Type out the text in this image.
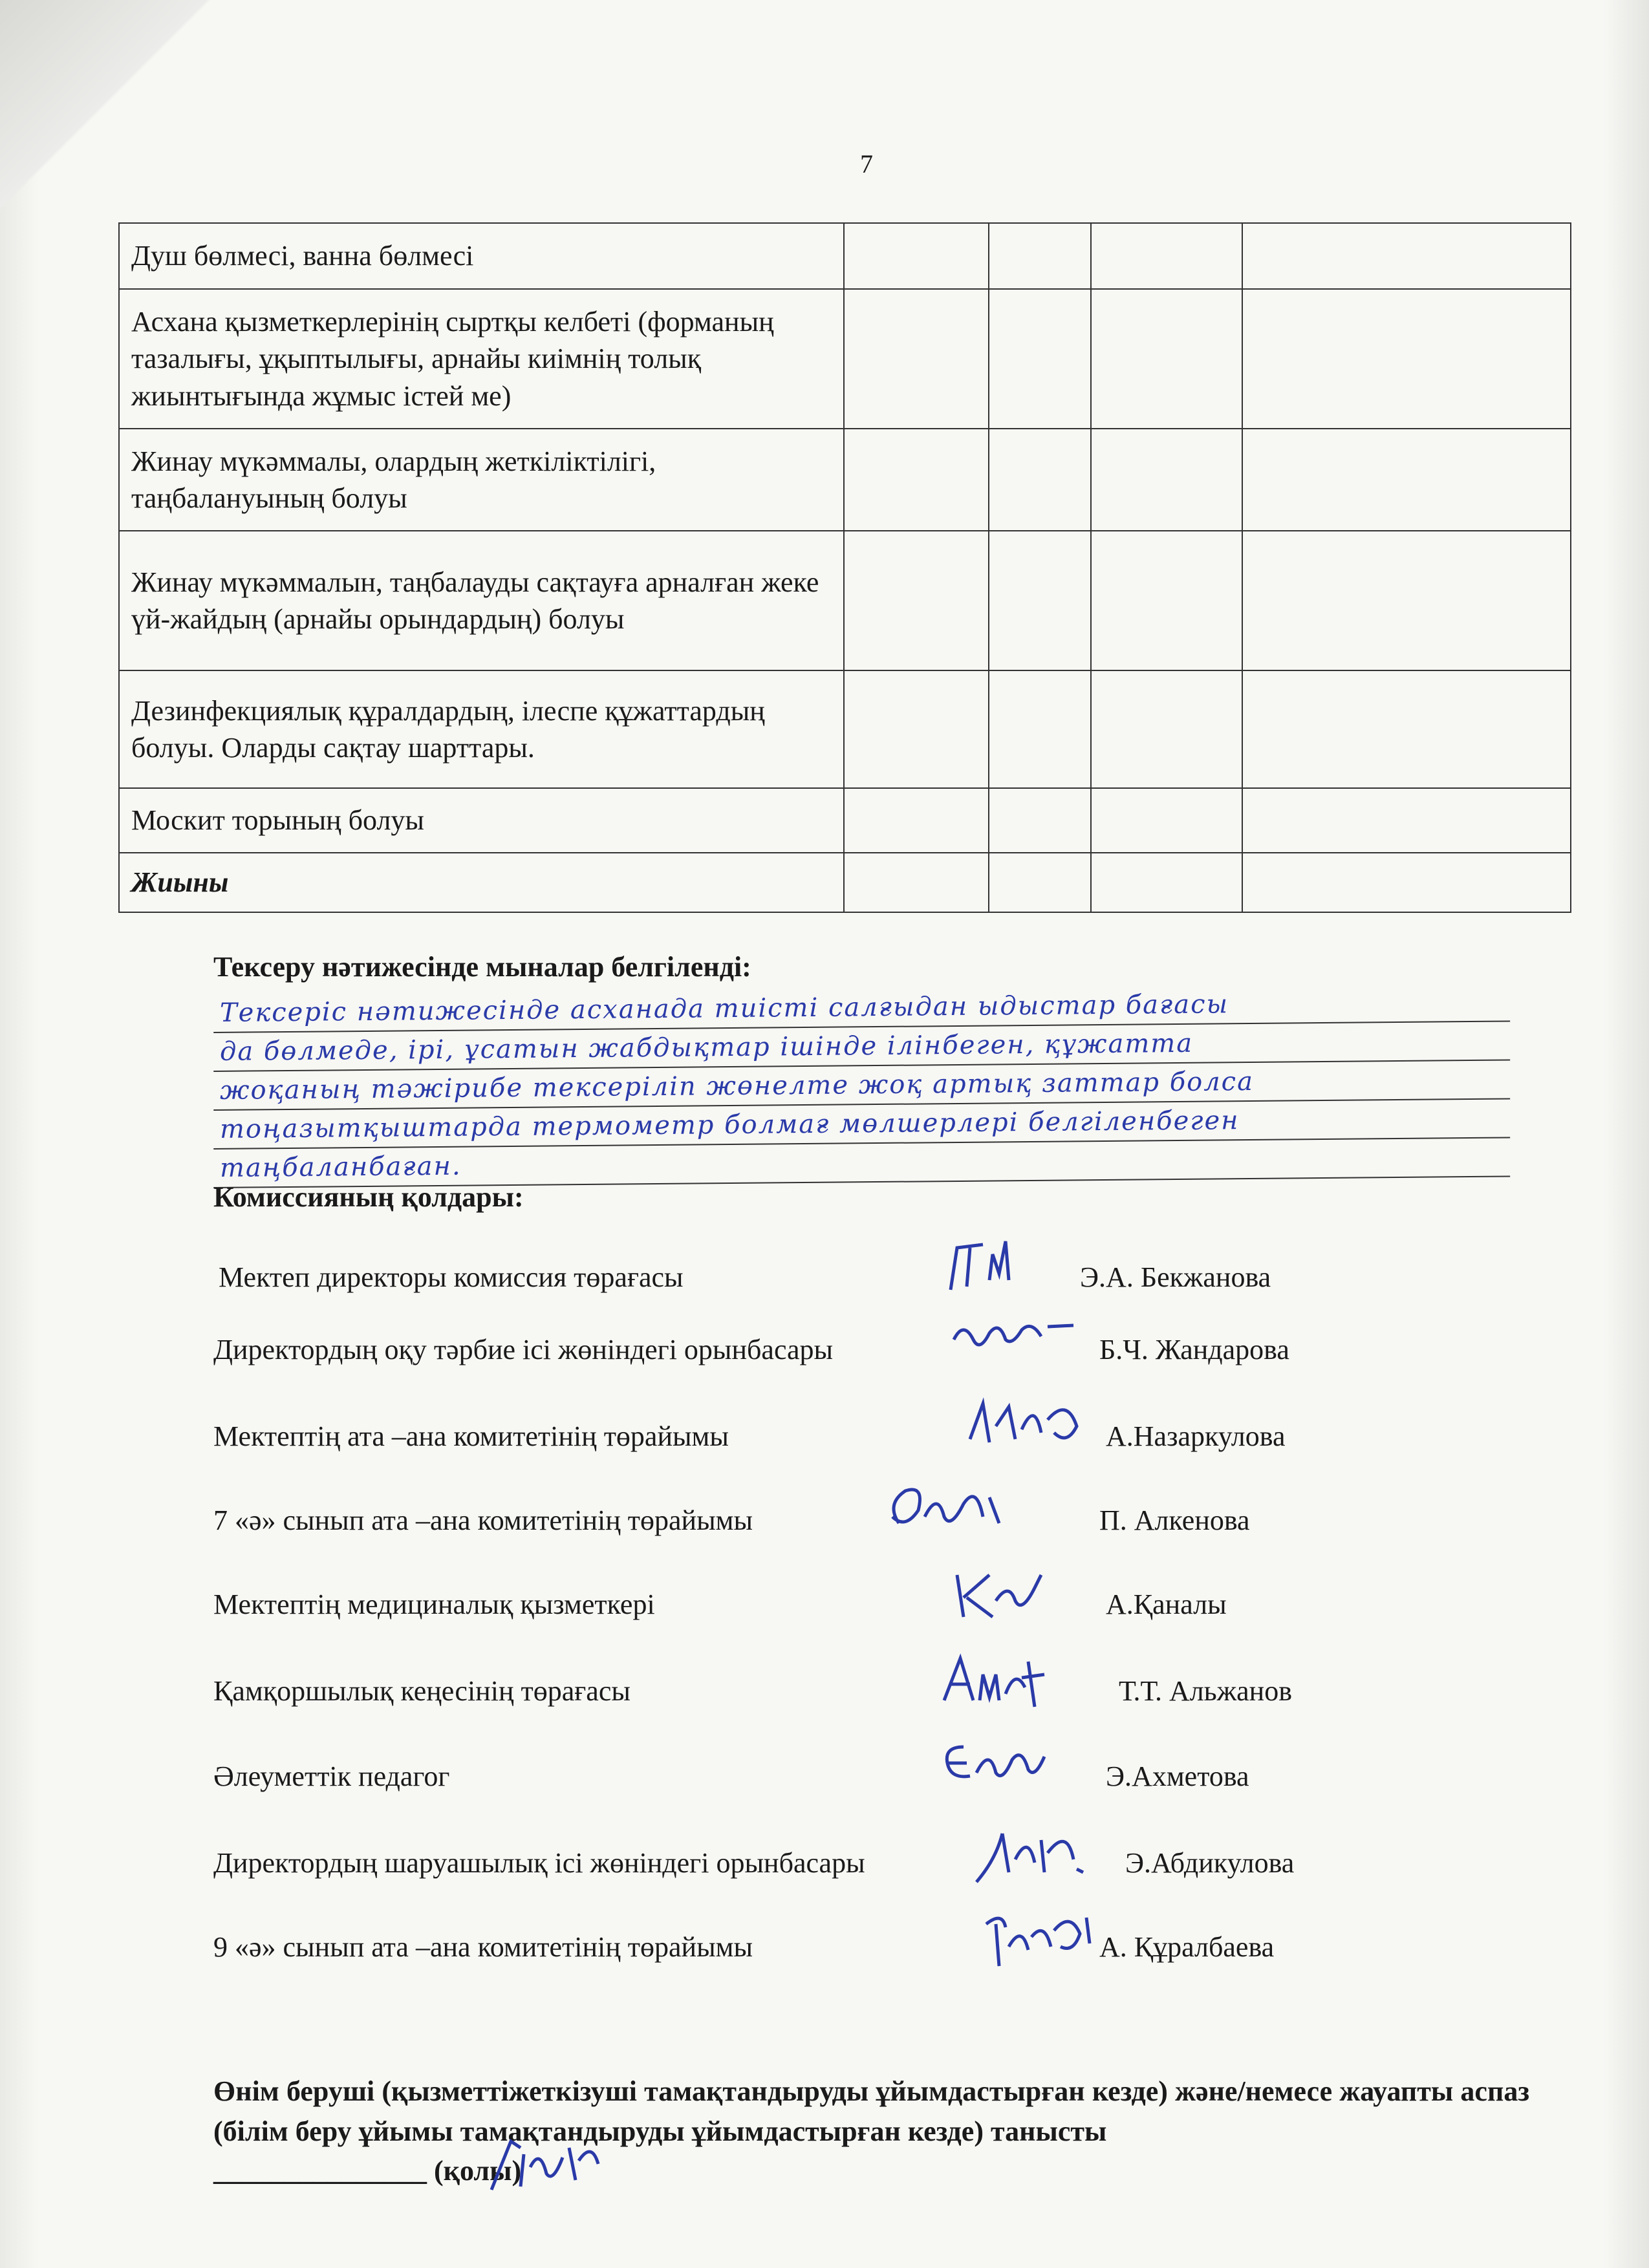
7
Душ бөлмесі, ванна бөлмесі				
Асхана қызметкерлерінің сыртқы келбеті (форманың тазалығы, ұқыптылығы, арнайы киімнің толық жиынтығында жұмыс істей ме)				
Жинау мүкәммалы, олардың жеткіліктілігі, таңбалануының болуы				
Жинау мүкәммалын, таңбалауды сақтауға арналған жеке үй-жайдың (арнайы орындардың) болуы				
Дезинфекциялық құралдардың, ілеспе құжаттардың болуы. Оларды сақтау шарттары.				
Москит торының болуы				
Жиыны				
Тексеру нәтижесінде мыналар белгіленді:
Тексеріс нәтижесінде асханада тиісті салғыдан ыдыстар бағасы
да бөлмеде, ірі, ұсатын жабдықтар ішінде ілінбеген, құжатта
жоқаның тәжірибе тексеріліп жөнелте жоқ артық заттар болса
тоңазытқыштарда термометр болмағ мөлшерлері белгіленбеген
таңбаланбаған.
Комиссияның қолдары:
Мектеп директоры комиссия төрағасы	Э.А. Бекжанова
Директордың оқу тәрбие ісі жөніндегі орынбасары	Б.Ч. Жандарова
Мектептің ата –ана комитетінің төрайымы	А.Назаркулова
7 «ә» сынып ата –ана комитетінің төрайымы	П. Алкенова
Мектептің медициналық қызметкері	А.Қаналы
Қамқоршылық кеңесінің төрағасы	Т.Т. Альжанов
Әлеуметтік педагог	Э.Ахметова
Директордың шаруашылық ісі жөніндегі орынбасары	Э.Абдикулова
9 «ә» сынып ата –ана комитетінің төрайымы	А. Құралбаева
Өнім беруші (қызметтіжеткізуші тамақтандыруды ұйымдастырған кезде) және/немесе жауапты аспаз (білім беру ұйымы тамақтандыруды ұйымдастырған кезде) танысты
_______________ (қолы)
